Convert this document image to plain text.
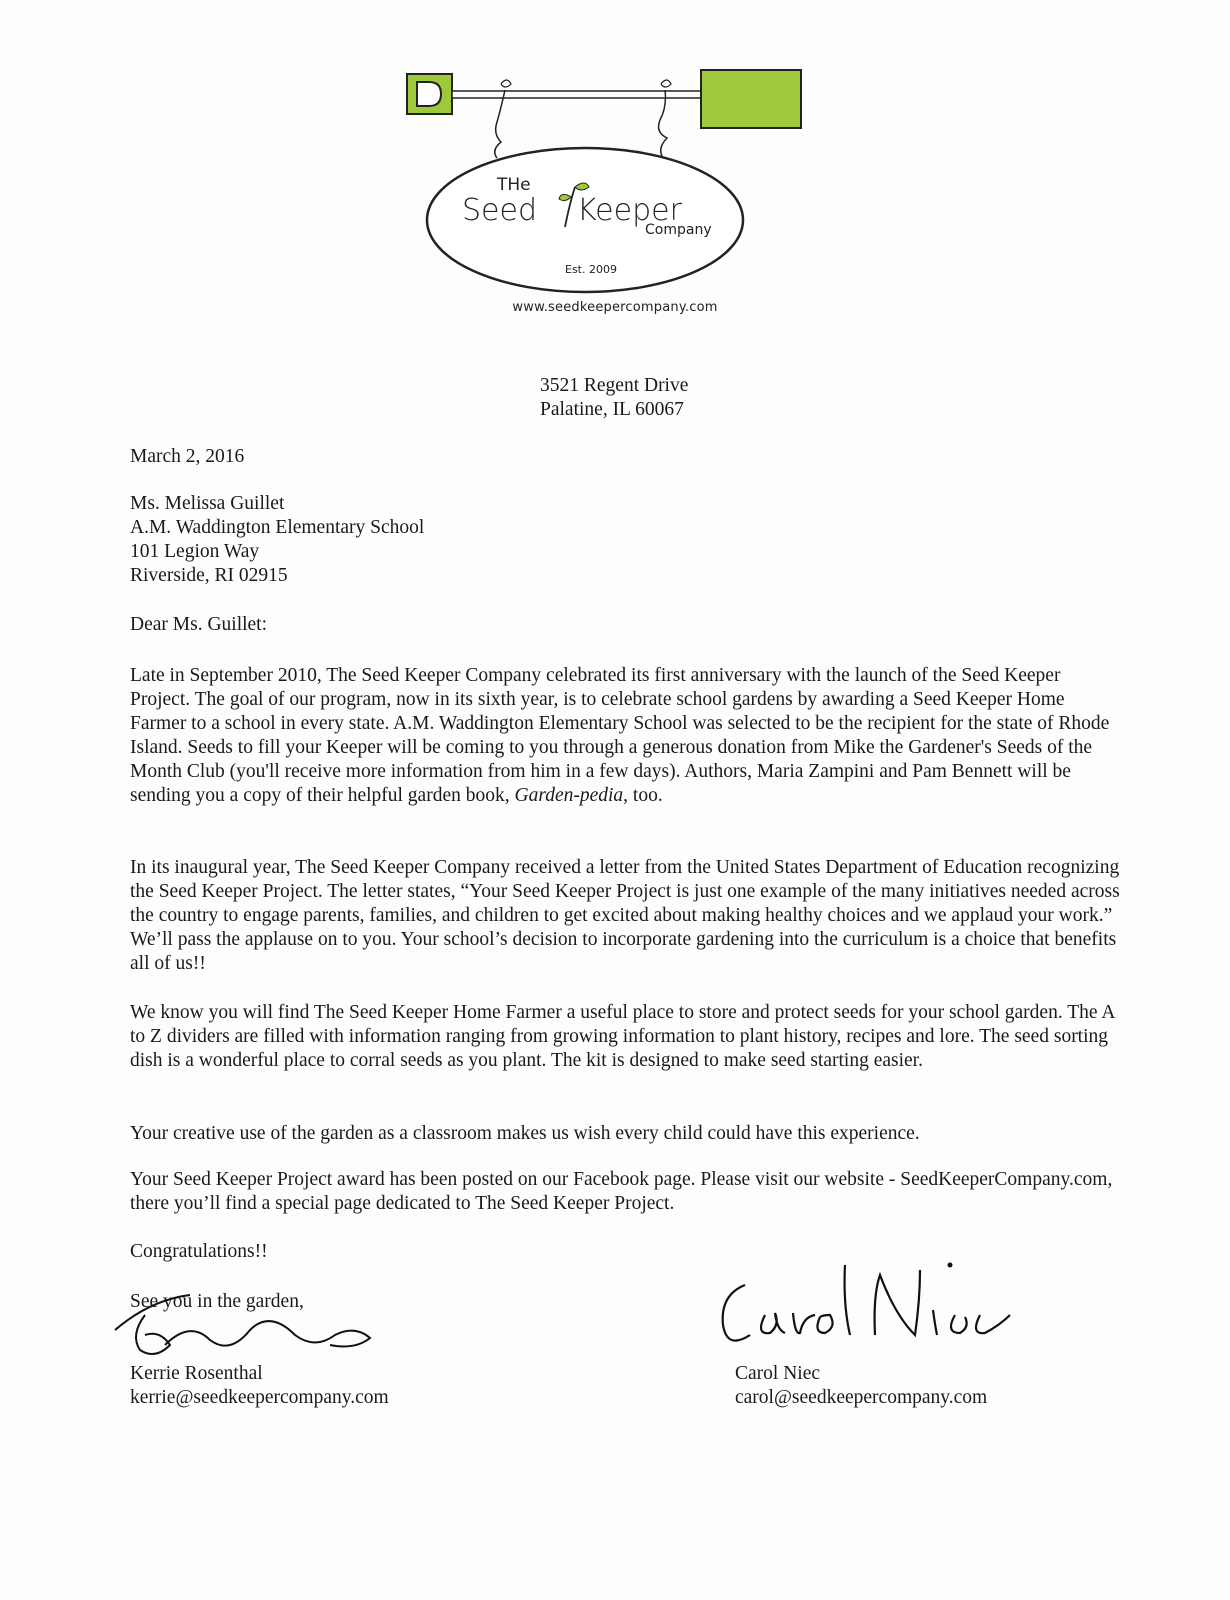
THe
Seed Keeper
Company
Est. 2009
www.seedkeepercompany.com
3521 Regent Drive
Palatine, IL 60067
March 2, 2016
Ms. Melissa Guillet
A.M. Waddington Elementary School
101 Legion Way
Riverside, RI 02915
Dear Ms. Guillet:
Late in September 2010, The Seed Keeper Company celebrated its first anniversary with the launch of the Seed Keeper Project. The goal of our program, now in its sixth year, is to celebrate school gardens by awarding a Seed Keeper Home Farmer to a school in every state. A.M. Waddington Elementary School was selected to be the recipient for the state of Rhode Island. Seeds to fill your Keeper will be coming to you through a generous donation from Mike the Gardener's Seeds of the Month Club (you'll receive more information from him in a few days). Authors, Maria Zampini and Pam Bennett will be sending you a copy of their helpful garden book, Garden-pedia, too.
In its inaugural year, The Seed Keeper Company received a letter from the United States Department of Education recognizing the Seed Keeper Project. The letter states, “Your Seed Keeper Project is just one example of the many initiatives needed across the country to engage parents, families, and children to get excited about making healthy choices and we applaud your work.” We’ll pass the applause on to you. Your school’s decision to incorporate gardening into the curriculum is a choice that benefits all of us!!
We know you will find The Seed Keeper Home Farmer a useful place to store and protect seeds for your school garden. The A to Z dividers are filled with information ranging from growing information to plant history, recipes and lore. The seed sorting dish is a wonderful place to corral seeds as you plant. The kit is designed to make seed starting easier.
Your creative use of the garden as a classroom makes us wish every child could have this experience.
Your Seed Keeper Project award has been posted on our Facebook page. Please visit our website - SeedKeeperCompany.com, there you’ll find a special page dedicated to The Seed Keeper Project.
Congratulations!!
See you in the garden,
Kerrie Rosenthal
kerrie@seedkeepercompany.com
Carol Niec
carol@seedkeepercompany.com
